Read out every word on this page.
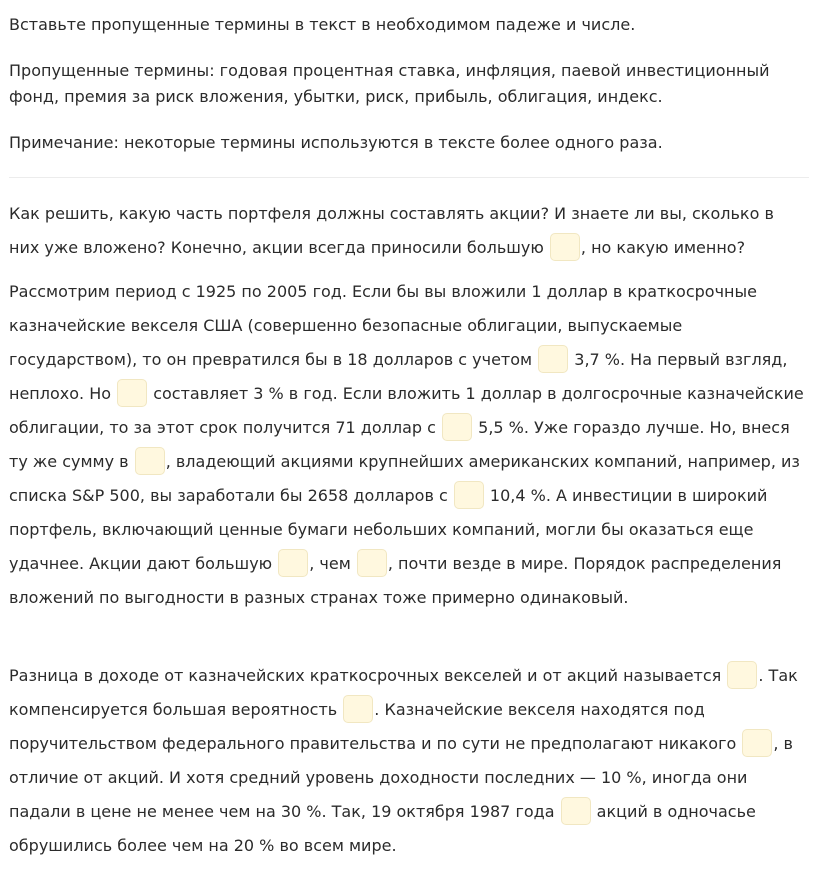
Вставьте пропущенные термины в текст в необходимом падеже и числе.

Пропущенные термины: годовая процентная ставка, инфляция, паевой инвестиционный фонд, премия за риск вложения, убытки, риск, прибыль, облигация, индекс.

Примечание: некоторые термины используются в тексте более одного раза.

Как решить, какую часть портфеля должны составлять акции? И знаете ли вы, сколько в них уже вложено? Конечно, акции всегда приносили большую , но какую именно?

Рассмотрим период с 1925 по 2005 год. Если бы вы вложили 1 доллар в краткосрочные казначейские векселя США (совершенно безопасные облигации, выпускаемые государством), то он превратился бы в 18 долларов с учетом  3,7 %. На первый взгляд, неплохо. Но  составляет 3 % в год. Если вложить 1 доллар в долгосрочные казначейские облигации, то за этот срок получится 71 доллар с  5,5 %. Уже гораздо лучше. Но, внеся ту же сумму в , владеющий акциями крупнейших американских компаний, например, из списка S&P 500, вы заработали бы 2658 долларов с  10,4 %. А инвестиции в широкий портфель, включающий ценные бумаги небольших компаний, могли бы оказаться еще удачнее. Акции дают большую , чем , почти везде в мире. Порядок распределения вложений по выгодности в разных странах тоже примерно одинаковый.

Разница в доходе от казначейских краткосрочных векселей и от акций называется . Так компенсируется большая вероятность . Казначейские векселя находятся под поручительством федерального правительства и по сути не предполагают никакого , в отличие от акций. И хотя средний уровень доходности последних — 10 %, иногда они падали в цене не менее чем на 30 %. Так, 19 октября 1987 года  акций в одночасье обрушились более чем на 20 % во всем мире.
